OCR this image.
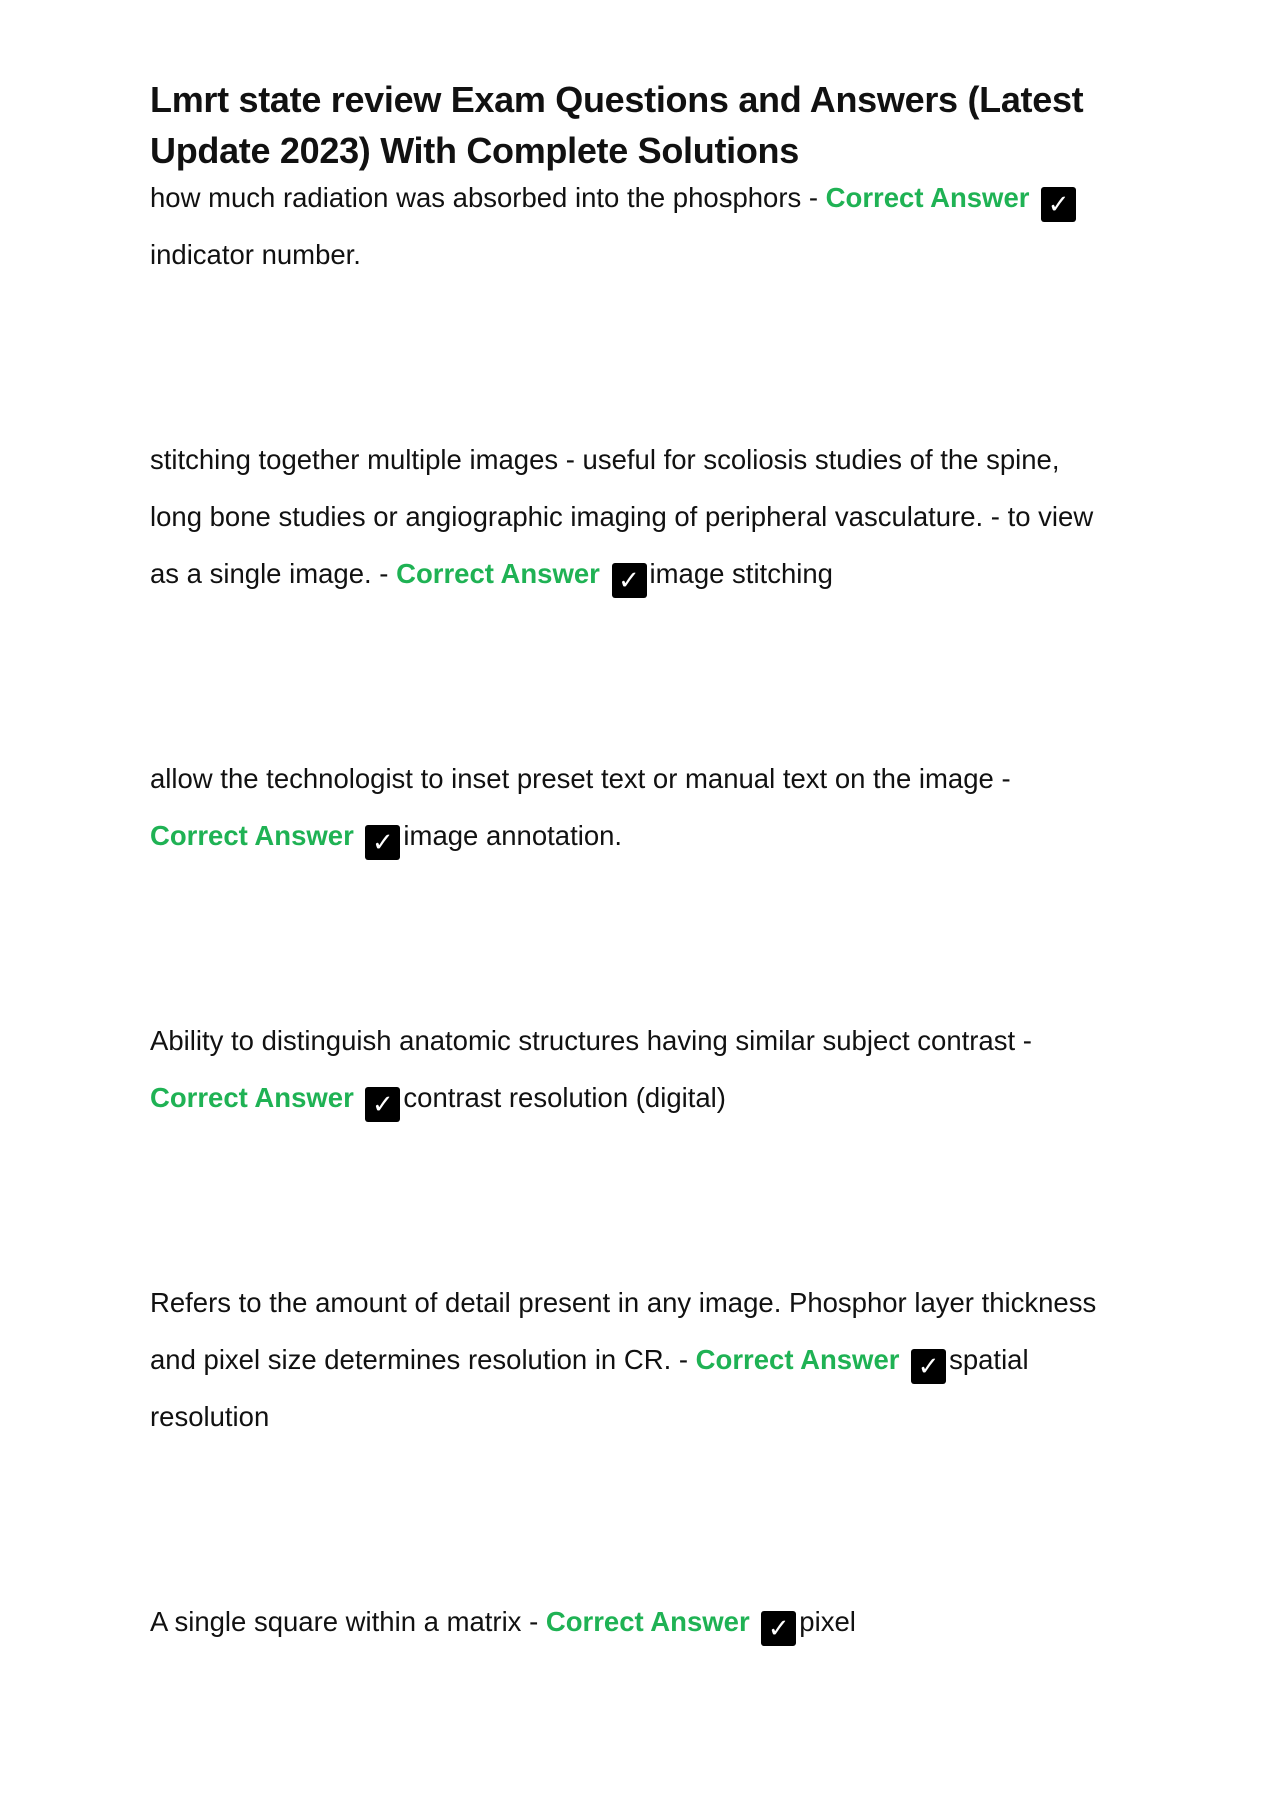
Lmrt state review Exam Questions and Answers (Latest Update 2023) With Complete Solutions

how much radiation was absorbed into the phosphors - Correct Answer ✓indicator number.

stitching together multiple images - useful for scoliosis studies of the spine, long bone studies or angiographic imaging of peripheral vasculature. - to view as a single image. - Correct Answer ✓ image stitching

allow the technologist to inset preset text or manual text on the image - Correct Answer ✓ image annotation.

Ability to distinguish anatomic structures having similar subject contrast - Correct Answer ✓ contrast resolution (digital)

Refers to the amount of detail present in any image. Phosphor layer thickness and pixel size determines resolution in CR. - Correct Answer ✓ spatial resolution

A single square within a matrix - Correct Answer ✓ pixel
